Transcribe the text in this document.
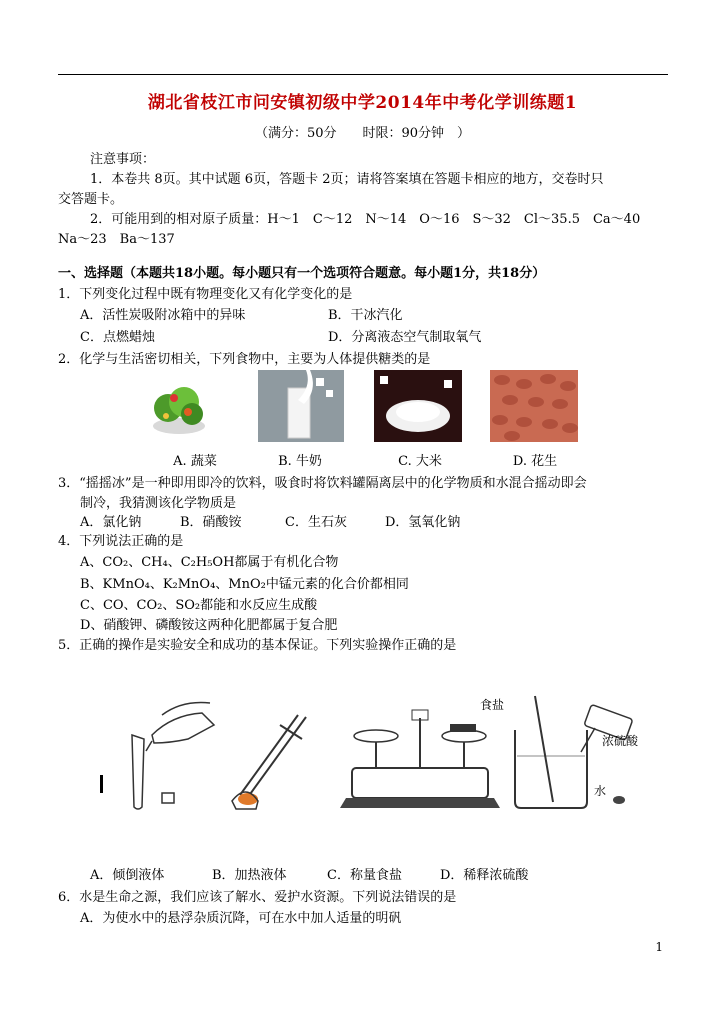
湖北省枝江市问安镇初级中学2014年中考化学训练题1
（满分：50分　　时限：90分钟　）
注意事项：
1．本卷共 8页。其中试题 6页，答题卡 2页；请将答案填在答题卡相应的地方，交卷时只
交答题卡。
2．可能用到的相对原子质量：H～1　C～12　N～14　O～16　S～32　Cl～35.5　Ca～40
Na～23　Ba～137
一、选择题（本题共18小题。每小题只有一个选项符合题意。每小题1分，共18分）
1．下列变化过程中既有物理变化又有化学变化的是
A．活性炭吸附冰箱中的异味	B．干冰汽化
C．点燃蜡烛	D．分离液态空气制取氧气
2．化学与生活密切相关，下列食物中，主要为人体提供糖类的是
A. 蔬菜	B. 牛奶	C. 大米	D. 花生
3．“摇摇冰”是一种即用即冷的饮料，吸食时将饮料罐隔离层中的化学物质和水混合摇动即会
制冷，我猜测该化学物质是
A．氯化钠	B．硝酸铵	C．生石灰	D．氢氧化钠
4．下列说法正确的是
A、CO₂、CH₄、C₂H₅OH都属于有机化合物
B、KMnO₄、K₂MnO₄、MnO₂中锰元素的化合价都相同
C、CO、CO₂、SO₂都能和水反应生成酸
D、硝酸钾、磷酸铵这两种化肥都属于复合肥
5．正确的操作是实验安全和成功的基本保证。下列实验操作正确的是
食盐
浓硫酸
水
A．倾倒液体	B．加热液体	C．称量食盐	D．稀释浓硫酸
6．水是生命之源，我们应该了解水、爱护水资源。下列说法错误的是
A．为使水中的悬浮杂质沉降，可在水中加人适量的明矾
1
